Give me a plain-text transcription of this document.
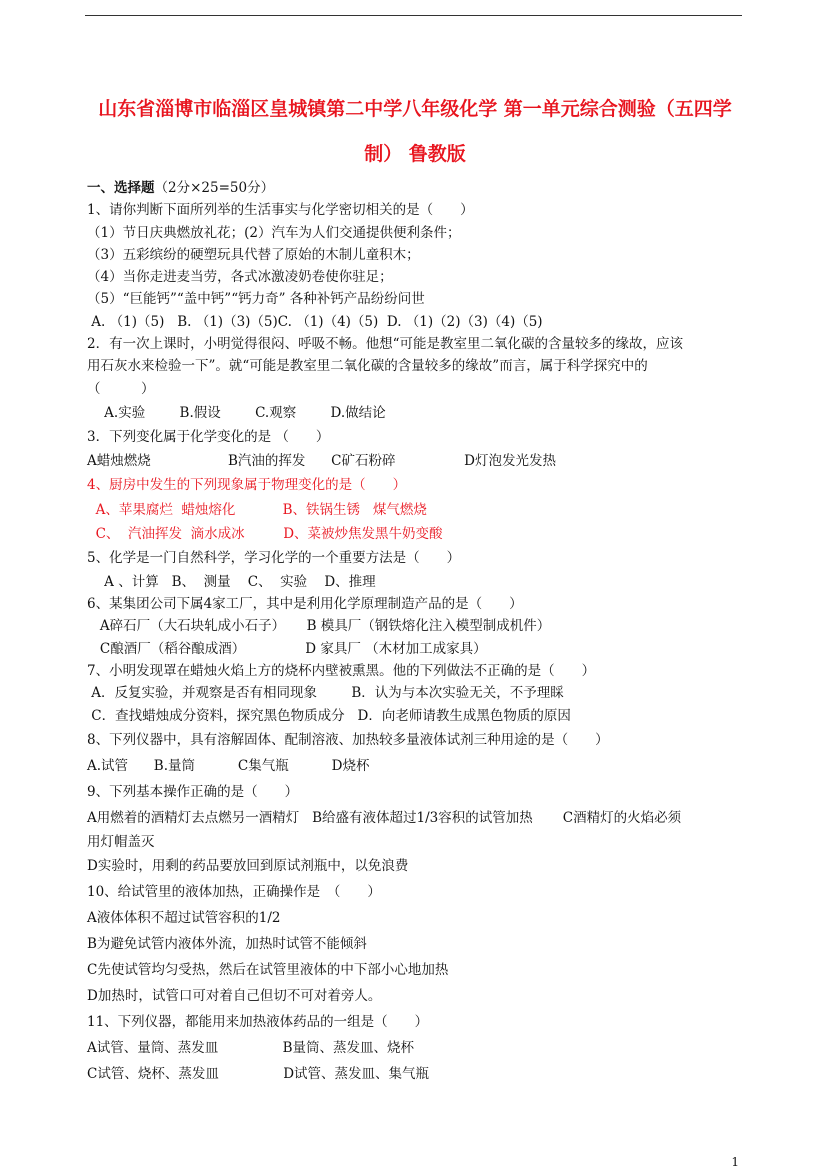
山东省淄博市临淄区皇城镇第二中学八年级化学 第一单元综合测验（五四学
制） 鲁教版
一、选择题（2分×25=50分）
1、请你判断下面所列举的生活事实与化学密切相关的是（　　）
（1）节日庆典燃放礼花；(2）汽车为人们交通提供便利条件；
（3）五彩缤纷的硬塑玩具代替了原始的木制儿童积木；
（4）当你走进麦当劳，各式冰激凌奶卷使你驻足；
（5）“巨能钙”“盖中钙”“钙力奇” 各种补钙产品纷纷问世
A. （1)（5)   B. （1)（3)（5)C. （1)（4)（5)  D. （1)（2)（3)（4)（5)
2．有一次上课时，小明觉得很闷、呼吸不畅。他想“可能是教室里二氧化碳的含量较多的缘故，应该
用石灰水来检验一下”。就“可能是教室里二氧化碳的含量较多的缘故”而言，属于科学探究中的
（　　　）
A.实验        B.假设        C.观察        D.做结论
3．下列变化属于化学变化的是 （　　）
A蜡烛燃烧                  B汽油的挥发      C矿石粉碎                D灯泡发光发热
4、厨房中发生的下列现象属于物理变化的是（　　）
A、苹果腐烂  蜡烛熔化           B、铁锅生锈   煤气燃烧
C、  汽油挥发  滴水成冰         D、菜被炒焦发黑牛奶变酸
5、化学是一门自然科学，学习化学的一个重要方法是（　　）
A 、计算   B、  测量    C、  实验    D、推理
6、某集团公司下属4家工厂，其中是利用化学原理制造产品的是（　　）
A碎石厂（大石块轧成小石子）     B 模具厂（钢铁熔化注入模型制成机件）
C酿酒厂（稻谷酿成酒）              D 家具厂 （木材加工成家具）
7、小明发现罩在蜡烛火焰上方的烧杯内壁被熏黑。他的下列做法不正确的是（　　）
A．反复实验，并观察是否有相同现象        B．认为与本次实验无关，不予理睬
C．查找蜡烛成分资料，探究黑色物质成分   D．向老师请教生成黑色物质的原因
8、下列仪器中，具有溶解固体、配制溶液、加热较多量液体试剂三种用途的是（　　）
A.试管      B.量筒          C集气瓶          D烧杯
9、下列基本操作正确的是（　　）
A用燃着的酒精灯去点燃另一酒精灯   B给盛有液体超过1/3容积的试管加热       C酒精灯的火焰必须
用灯帽盖灭
D实验时，用剩的药品要放回到原试剂瓶中，以免浪费
10、给试管里的液体加热，正确操作是　（　　）
A液体体积不超过试管容积的1/2
B为避免试管内液体外流，加热时试管不能倾斜
C先使试管均匀受热，然后在试管里液体的中下部小心地加热
D加热时，试管口可对着自己但切不可对着旁人。
11、下列仪器，都能用来加热液体药品的一组是（　　）
A试管、量筒、蒸发皿               B量筒、蒸发皿、烧杯
C试管、烧杯、蒸发皿               D试管、蒸发皿、集气瓶
1
